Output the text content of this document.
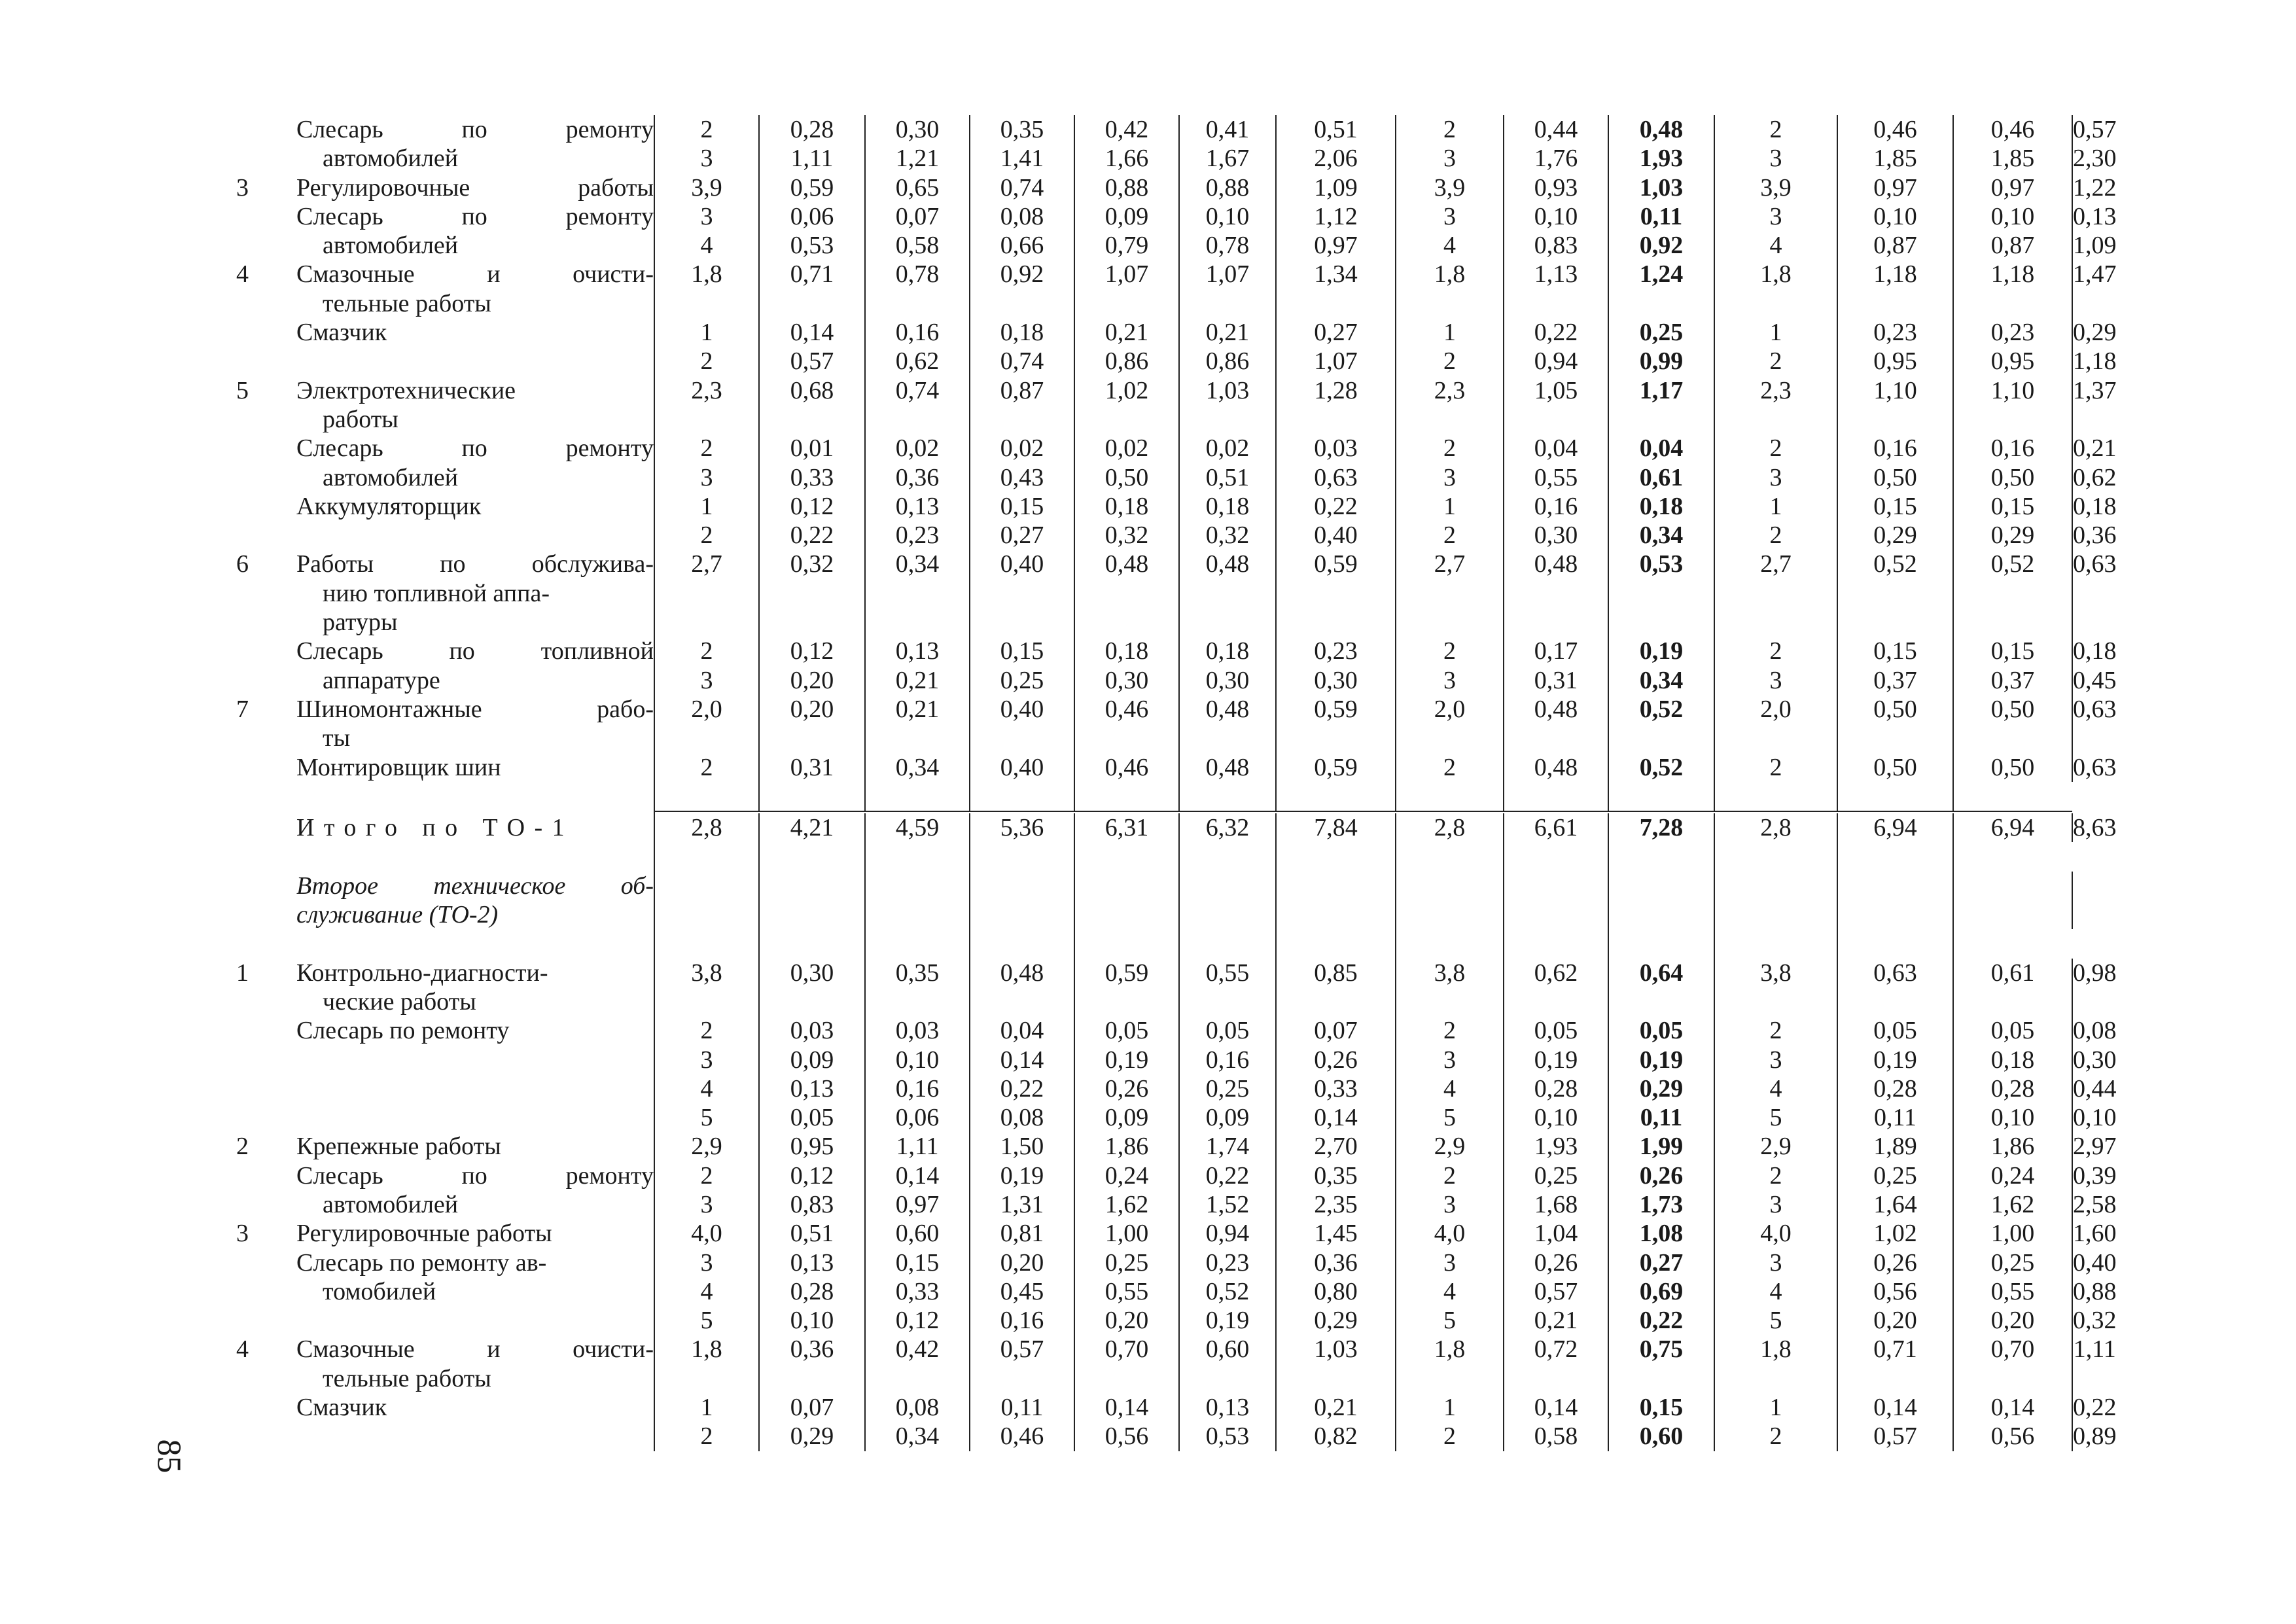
	Слесарь по ремонту	2	0,28	0,30	0,35	0,42	0,41	0,51	2	0,44	0,48	2	0,46	0,46	0,57
	автомобилей	3	1,11	1,21	1,41	1,66	1,67	2,06	3	1,76	1,93	3	1,85	1,85	2,30
3	Регулировочные работы	3,9	0,59	0,65	0,74	0,88	0,88	1,09	3,9	0,93	1,03	3,9	0,97	0,97	1,22
	Слесарь по ремонту	3	0,06	0,07	0,08	0,09	0,10	1,12	3	0,10	0,11	3	0,10	0,10	0,13
	автомобилей	4	0,53	0,58	0,66	0,79	0,78	0,97	4	0,83	0,92	4	0,87	0,87	1,09
4	Смазочные и очисти-	1,8	0,71	0,78	0,92	1,07	1,07	1,34	1,8	1,13	1,24	1,8	1,18	1,18	1,47
	тельные работы														
	Смазчик	1	0,14	0,16	0,18	0,21	0,21	0,27	1	0,22	0,25	1	0,23	0,23	0,29
		2	0,57	0,62	0,74	0,86	0,86	1,07	2	0,94	0,99	2	0,95	0,95	1,18
5	Электротехнические	2,3	0,68	0,74	0,87	1,02	1,03	1,28	2,3	1,05	1,17	2,3	1,10	1,10	1,37
	работы														
	Слесарь по ремонту	2	0,01	0,02	0,02	0,02	0,02	0,03	2	0,04	0,04	2	0,16	0,16	0,21
	автомобилей	3	0,33	0,36	0,43	0,50	0,51	0,63	3	0,55	0,61	3	0,50	0,50	0,62
	Аккумуляторщик	1	0,12	0,13	0,15	0,18	0,18	0,22	1	0,16	0,18	1	0,15	0,15	0,18
		2	0,22	0,23	0,27	0,32	0,32	0,40	2	0,30	0,34	2	0,29	0,29	0,36
6	Работы по обслужива-	2,7	0,32	0,34	0,40	0,48	0,48	0,59	2,7	0,48	0,53	2,7	0,52	0,52	0,63
	нию топливной аппа-														
	ратуры														
	Слесарь по топливной	2	0,12	0,13	0,15	0,18	0,18	0,23	2	0,17	0,19	2	0,15	0,15	0,18
	аппаратуре	3	0,20	0,21	0,25	0,30	0,30	0,30	3	0,31	0,34	3	0,37	0,37	0,45
7	Шиномонтажные рабо-	2,0	0,20	0,21	0,40	0,46	0,48	0,59	2,0	0,48	0,52	2,0	0,50	0,50	0,63
	ты														
	Монтировщик шин	2	0,31	0,34	0,40	0,46	0,48	0,59	2	0,48	0,52	2	0,50	0,50	0,63

	Итого по ТО-1	2,8	4,21	4,59	5,36	6,31	6,32	7,84	2,8	6,61	7,28	2,8	6,94	6,94	8,63

	Второе техническое об-														
	служивание (ТО-2)														

1	Контрольно-диагности-	3,8	0,30	0,35	0,48	0,59	0,55	0,85	3,8	0,62	0,64	3,8	0,63	0,61	0,98
	ческие работы														
	Слесарь по ремонту	2	0,03	0,03	0,04	0,05	0,05	0,07	2	0,05	0,05	2	0,05	0,05	0,08
		3	0,09	0,10	0,14	0,19	0,16	0,26	3	0,19	0,19	3	0,19	0,18	0,30
		4	0,13	0,16	0,22	0,26	0,25	0,33	4	0,28	0,29	4	0,28	0,28	0,44
		5	0,05	0,06	0,08	0,09	0,09	0,14	5	0,10	0,11	5	0,11	0,10	0,10
2	Крепежные работы	2,9	0,95	1,11	1,50	1,86	1,74	2,70	2,9	1,93	1,99	2,9	1,89	1,86	2,97
	Слесарь по ремонту	2	0,12	0,14	0,19	0,24	0,22	0,35	2	0,25	0,26	2	0,25	0,24	0,39
	автомобилей	3	0,83	0,97	1,31	1,62	1,52	2,35	3	1,68	1,73	3	1,64	1,62	2,58
3	Регулировочные работы	4,0	0,51	0,60	0,81	1,00	0,94	1,45	4,0	1,04	1,08	4,0	1,02	1,00	1,60
	Слесарь по ремонту ав-	3	0,13	0,15	0,20	0,25	0,23	0,36	3	0,26	0,27	3	0,26	0,25	0,40
	томобилей	4	0,28	0,33	0,45	0,55	0,52	0,80	4	0,57	0,69	4	0,56	0,55	0,88
		5	0,10	0,12	0,16	0,20	0,19	0,29	5	0,21	0,22	5	0,20	0,20	0,32
4	Смазочные и очисти-	1,8	0,36	0,42	0,57	0,70	0,60	1,03	1,8	0,72	0,75	1,8	0,71	0,70	1,11
	тельные работы														
	Смазчик	1	0,07	0,08	0,11	0,14	0,13	0,21	1	0,14	0,15	1	0,14	0,14	0,22
		2	0,29	0,34	0,46	0,56	0,53	0,82	2	0,58	0,60	2	0,57	0,56	0,89
85
